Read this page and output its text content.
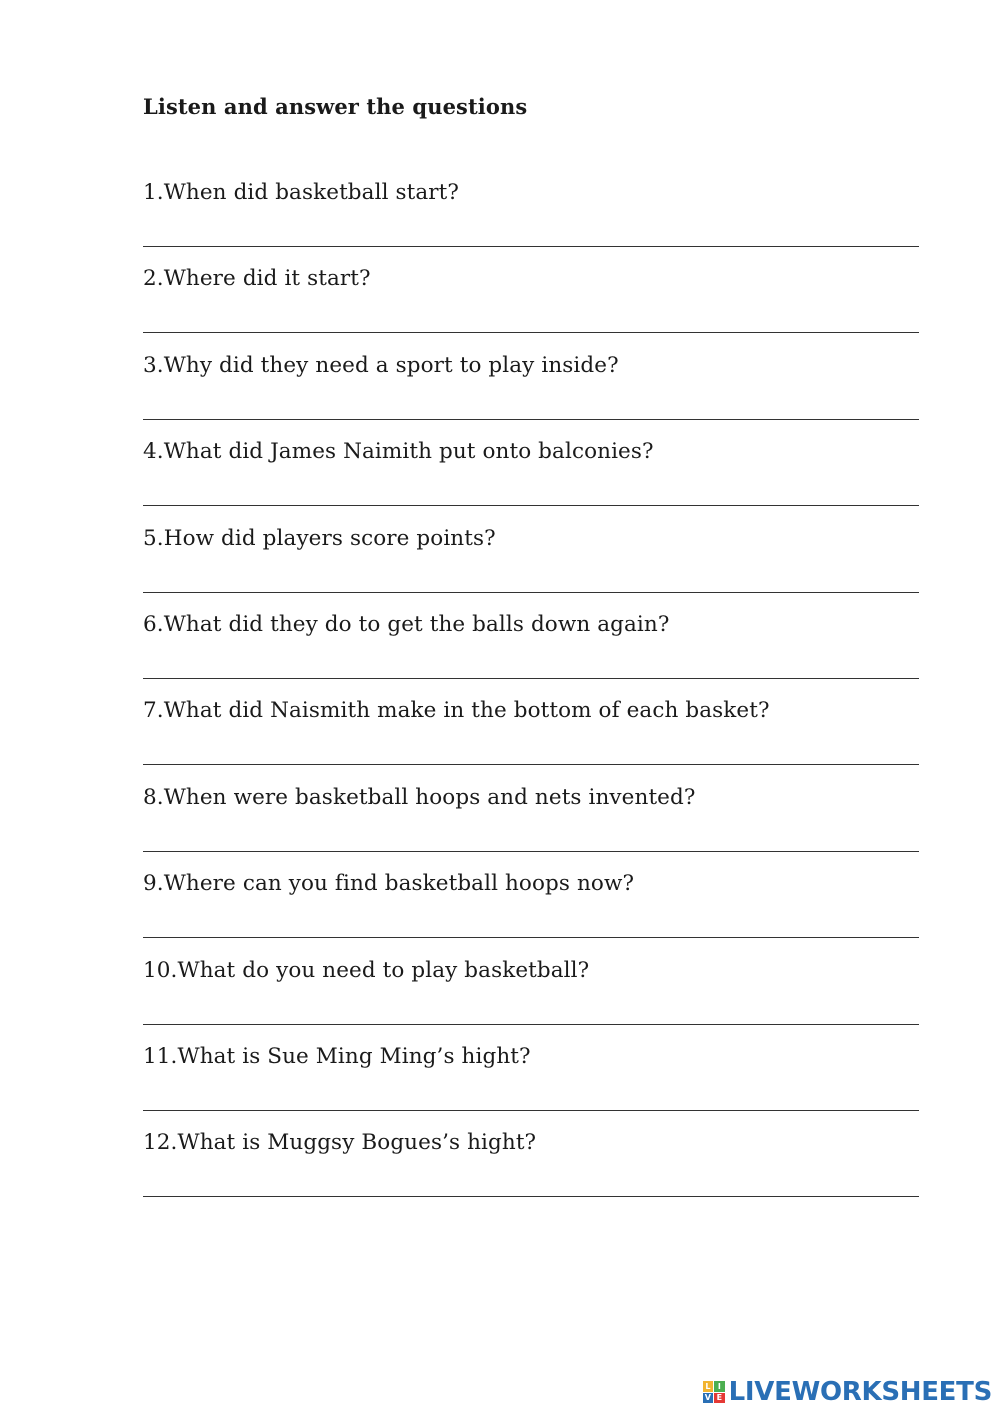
Listen and answer the questions
1.When did basketball start?
2.Where did it start?
3.Why did they need a sport to play inside?
4.What did James Naimith put onto balconies?
5.How did players score points?
6.What did they do to get the balls down again?
7.What did Naismith make in the bottom of each basket?
8.When were basketball hoops and nets invented?
9.Where can you find basketball hoops now?
10.What do you need to play basketball?
11.What is Sue Ming Ming’s hight?
12.What is Muggsy Bogues’s hight?
L I
V E LIVEWORKSHEETS
